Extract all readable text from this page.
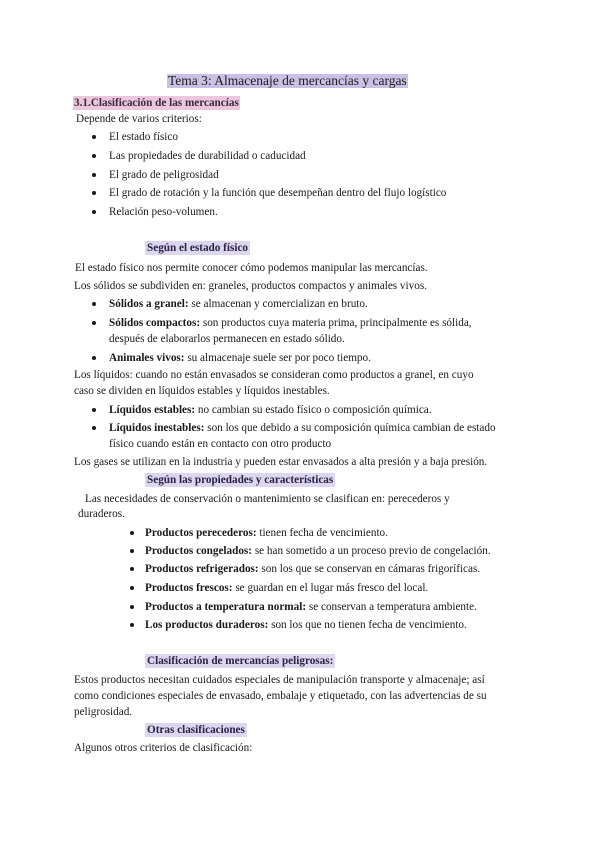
Tema 3: Almacenaje de mercancías y cargas
3.1.Clasificación de las mercancías
Depende de varios criterios:
El estado físico
Las propiedades de durabilidad o caducidad
El grado de peligrosidad
El grado de rotación y la función que desempeñan dentro del flujo logístico
Relación peso-volumen.
Según el estado físico
El estado físico nos permite conocer cómo podemos manipular las mercancías.
Los sólidos se subdividen en: graneles, productos compactos y animales vivos.
Sólidos a granel: se almacenan y comercializan en bruto.
Sólidos compactos: son productos cuya materia prima, principalmente es sólida,
después de elaborarlos permanecen en estado sólido.
Animales vivos: su almacenaje suele ser por poco tiempo.
Los líquidos: cuando no están envasados se consideran como productos a granel, en cuyo
caso se dividen en líquidos estables y líquidos inestables.
Líquidos estables: no cambian su estado físico o composición química.
Líquidos inestables: son los que debido a su composición química cambian de estado
físico cuando están en contacto con otro producto
Los gases se utilizan en la industria y pueden estar envasados a alta presión y a baja presión.
Según las propiedades y características
Las necesidades de conservación o mantenimiento se clasifican en: perecederos y
duraderos.
Productos perecederos: tienen fecha de vencimiento.
Productos congelados: se han sometido a un proceso previo de congelación.
Productos refrigerados: son los que se conservan en cámaras frigoríficas.
Productos frescos: se guardan en el lugar más fresco del local.
Productos a temperatura normal: se conservan a temperatura ambiente.
Los productos duraderos: son los que no tienen fecha de vencimiento.
Clasificación de mercancías peligrosas:
Estos productos necesitan cuidados especiales de manipulación transporte y almacenaje; así
como condiciones especiales de envasado, embalaje y etiquetado, con las advertencias de su
peligrosidad.
Otras clasificaciones
Algunos otros criterios de clasificación:
